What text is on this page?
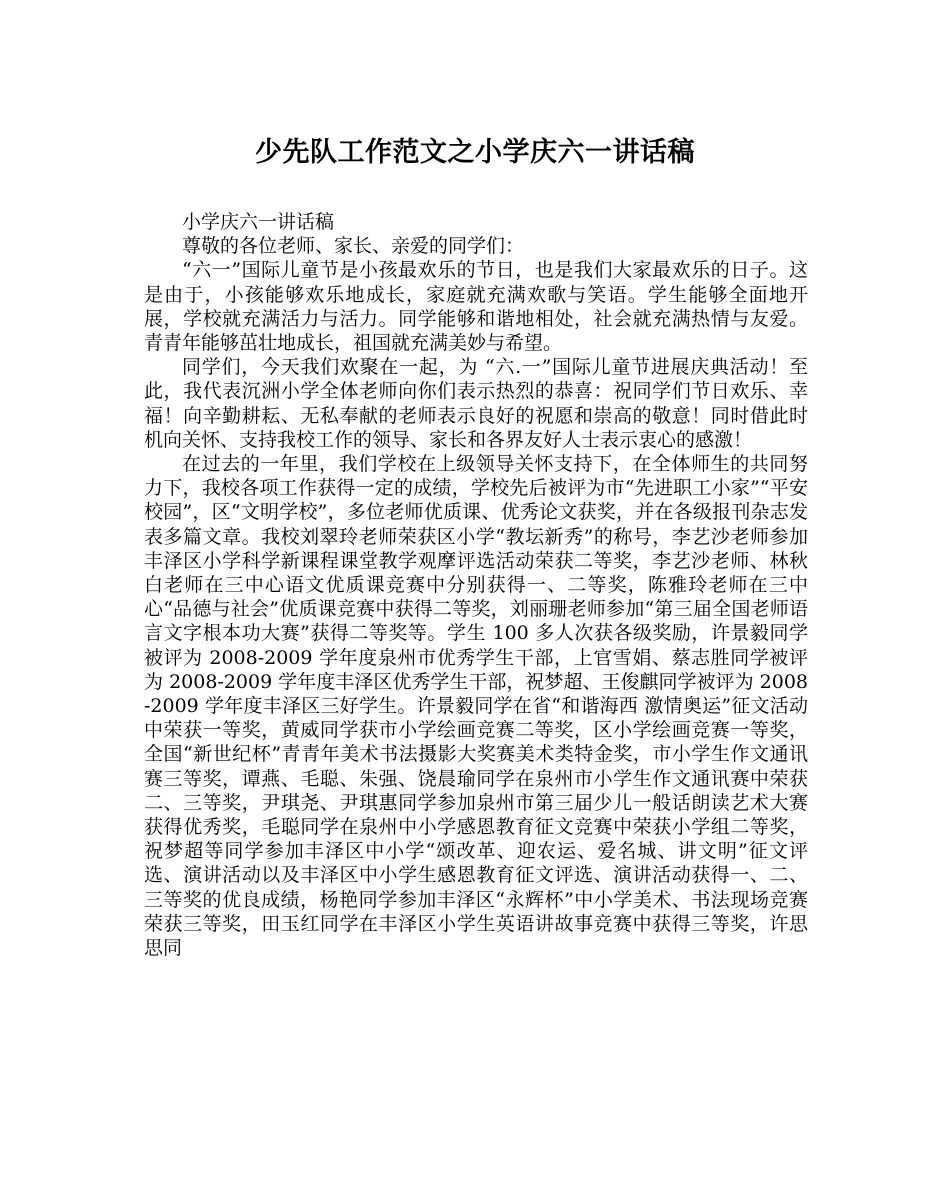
少先队工作范文之小学庆六一讲话稿

小学庆六一讲话稿

尊敬的各位老师、家长、亲爱的同学们：

“六一”国际儿童节是小孩最欢乐的节日，也是我们大家最欢乐的日子。这是由于，小孩能够欢乐地成长，家庭就充满欢歌与笑语。学生能够全面地开展，学校就充满活力与活力。同学能够和谐地相处，社会就充满热情与友爱。青青年能够茁壮地成长，祖国就充满美妙与希望。

同学们，今天我们欢聚在一起，为 “六.一”国际儿童节进展庆典活动！至此，我代表沉洲小学全体老师向你们表示热烈的恭喜：祝同学们节日欢乐、幸福！向辛勤耕耘、无私奉献的老师表示良好的祝愿和崇高的敬意！同时借此时机向关怀、支持我校工作的领导、家长和各界友好人士表示衷心的感激！

在过去的一年里，我们学校在上级领导关怀支持下，在全体师生的共同努力下，我校各项工作获得一定的成绩，学校先后被评为市“先进职工小家”“平安校园”，区“文明学校”，多位老师优质课、优秀论文获奖，并在各级报刊杂志发表多篇文章。我校刘翠玲老师荣获区小学“教坛新秀”的称号，李艺沙老师参加丰泽区小学科学新课程课堂教学观摩评选活动荣获二等奖，李艺沙老师、林秋白老师在三中心语文优质课竞赛中分别获得一、二等奖，陈雅玲老师在三中心“品德与社会”优质课竞赛中获得二等奖，刘丽珊老师参加“第三届全国老师语言文字根本功大赛”获得二等奖等。学生 100 多人次获各级奖励，许景毅同学被评为 2008-2009 学年度泉州市优秀学生干部，上官雪娟、蔡志胜同学被评为 2008-2009 学年度丰泽区优秀学生干部，祝梦超、王俊麒同学被评为 2008-2009 学年度丰泽区三好学生。许景毅同学在省“和谐海西 激情奥运”征文活动中荣获一等奖，黄威同学获市小学绘画竞赛二等奖，区小学绘画竞赛一等奖，全国“新世纪杯”青青年美术书法摄影大奖赛美术类特金奖，市小学生作文通讯赛三等奖，谭燕、毛聪、朱强、饶晨瑜同学在泉州市小学生作文通讯赛中荣获二、三等奖，尹琪尧、尹琪惠同学参加泉州市第三届少儿一般话朗读艺术大赛获得优秀奖，毛聪同学在泉州中小学感恩教育征文竞赛中荣获小学组二等奖，祝梦超等同学参加丰泽区中小学“颂改革、迎农运、爱名城、讲文明”征文评选、演讲活动以及丰泽区中小学生感恩教育征文评选、演讲活动获得一、二、三等奖的优良成绩，杨艳同学参加丰泽区“永辉杯”中小学美术、书法现场竞赛荣获三等奖，田玉红同学在丰泽区小学生英语讲故事竞赛中获得三等奖，许思思同
